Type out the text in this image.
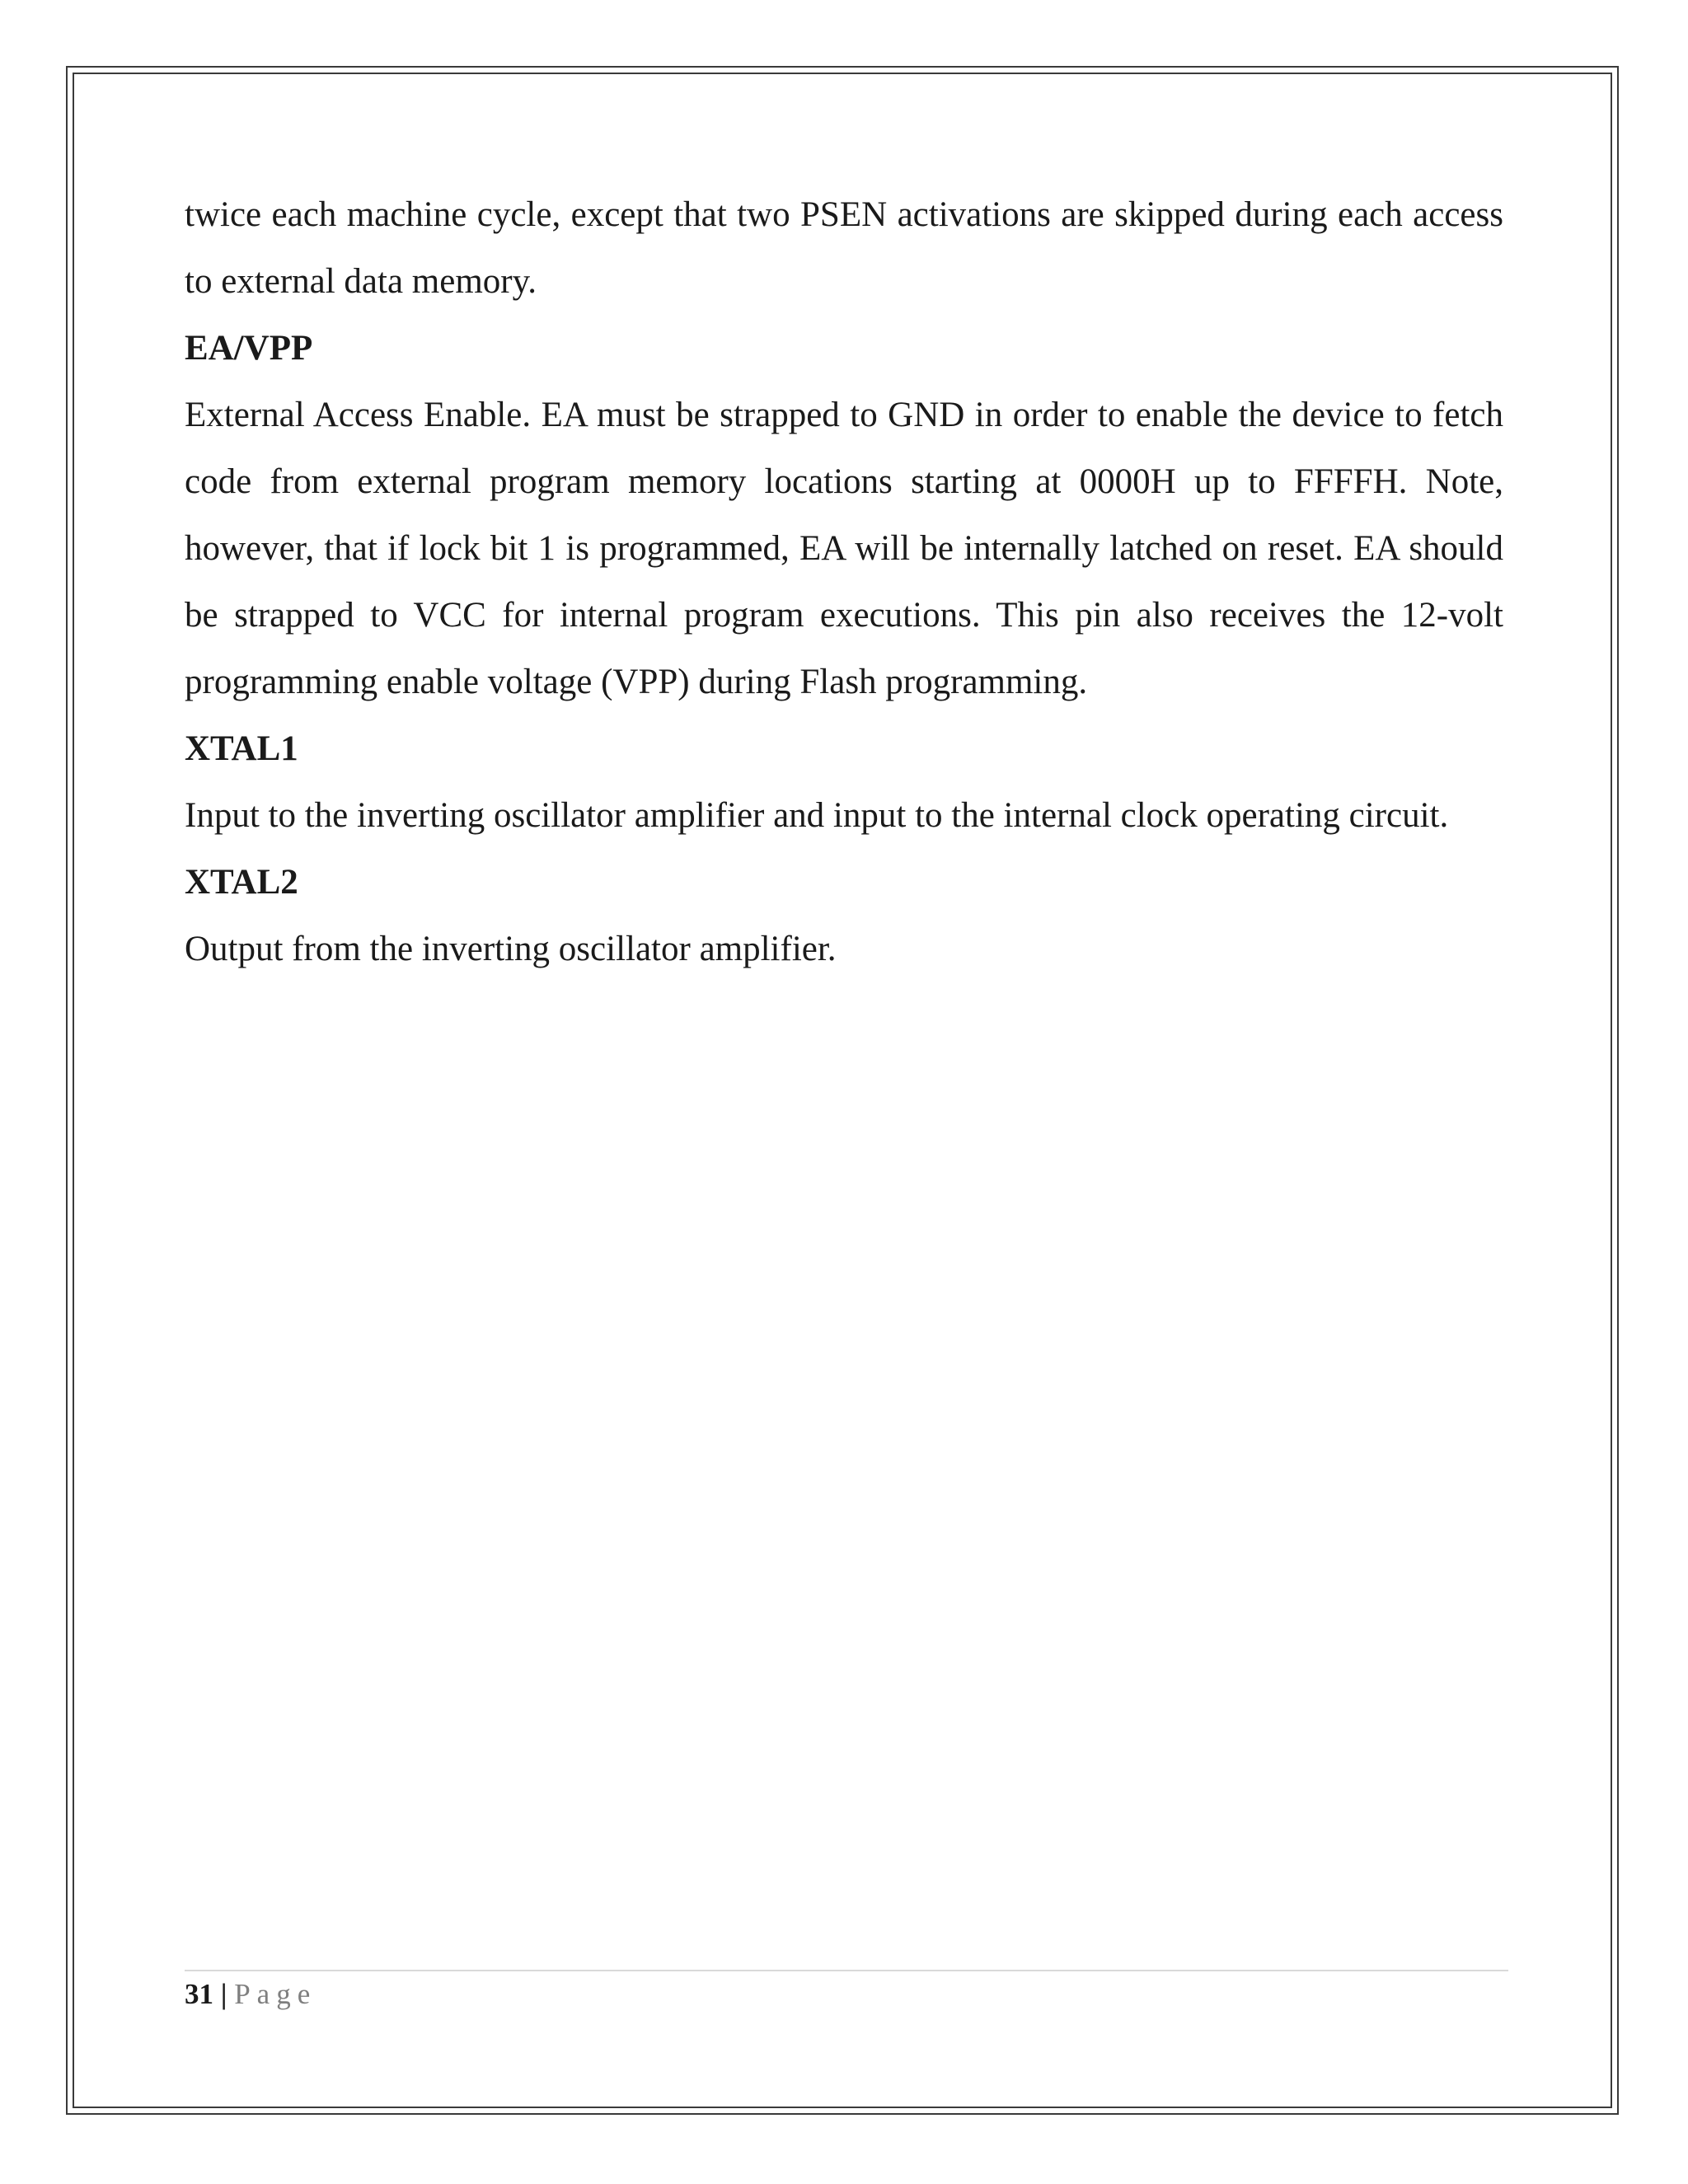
twice each machine cycle, except that two PSEN activations are skipped during each access to external data memory.

EA/VPP

External Access Enable. EA must be strapped to GND in order to enable the device to fetch code from external program memory locations starting at 0000H up to FFFFH. Note, however, that if lock bit 1 is programmed, EA will be internally latched on reset. EA should be strapped to VCC for internal program executions. This pin also receives the 12-volt programming enable voltage (VPP) during Flash programming.

XTAL1

Input to the inverting oscillator amplifier and input to the internal clock operating circuit.

XTAL2

Output from the inverting oscillator amplifier.

31 | Page
